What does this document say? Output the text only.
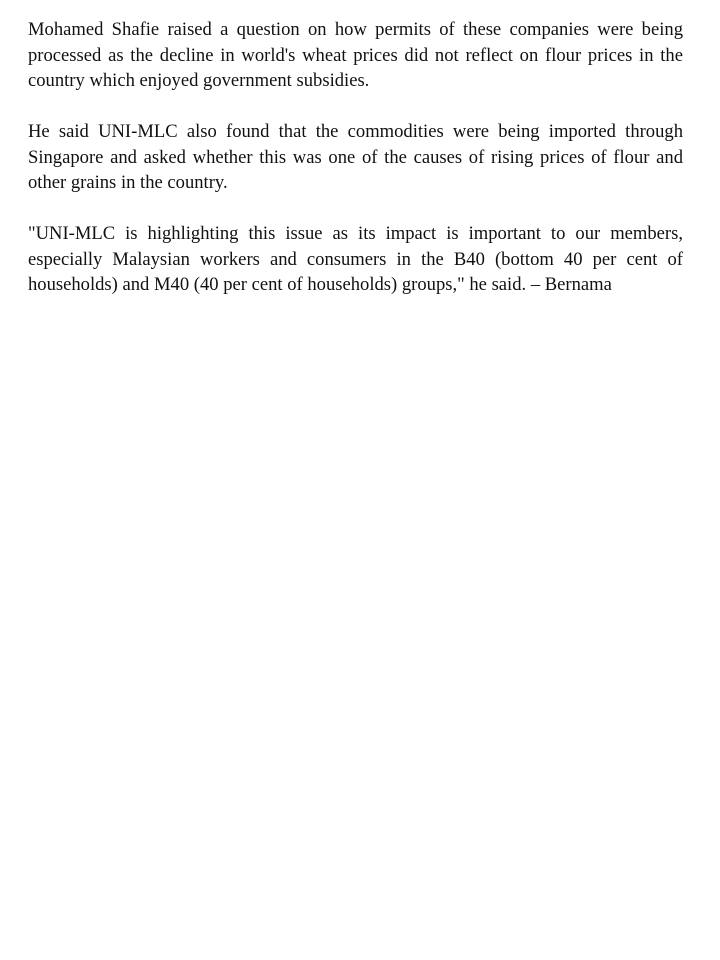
Mohamed Shafie raised a question on how permits of these companies were being processed as the decline in world's wheat prices did not reflect on flour prices in the country which enjoyed government subsidies.

He said UNI-MLC also found that the commodities were being imported through Singapore and asked whether this was one of the causes of rising prices of flour and other grains in the country.

"UNI-MLC is highlighting this issue as its impact is important to our members, especially Malaysian workers and consumers in the B40 (bottom 40 per cent of households) and M40 (40 per cent of households) groups," he said. – Bernama
